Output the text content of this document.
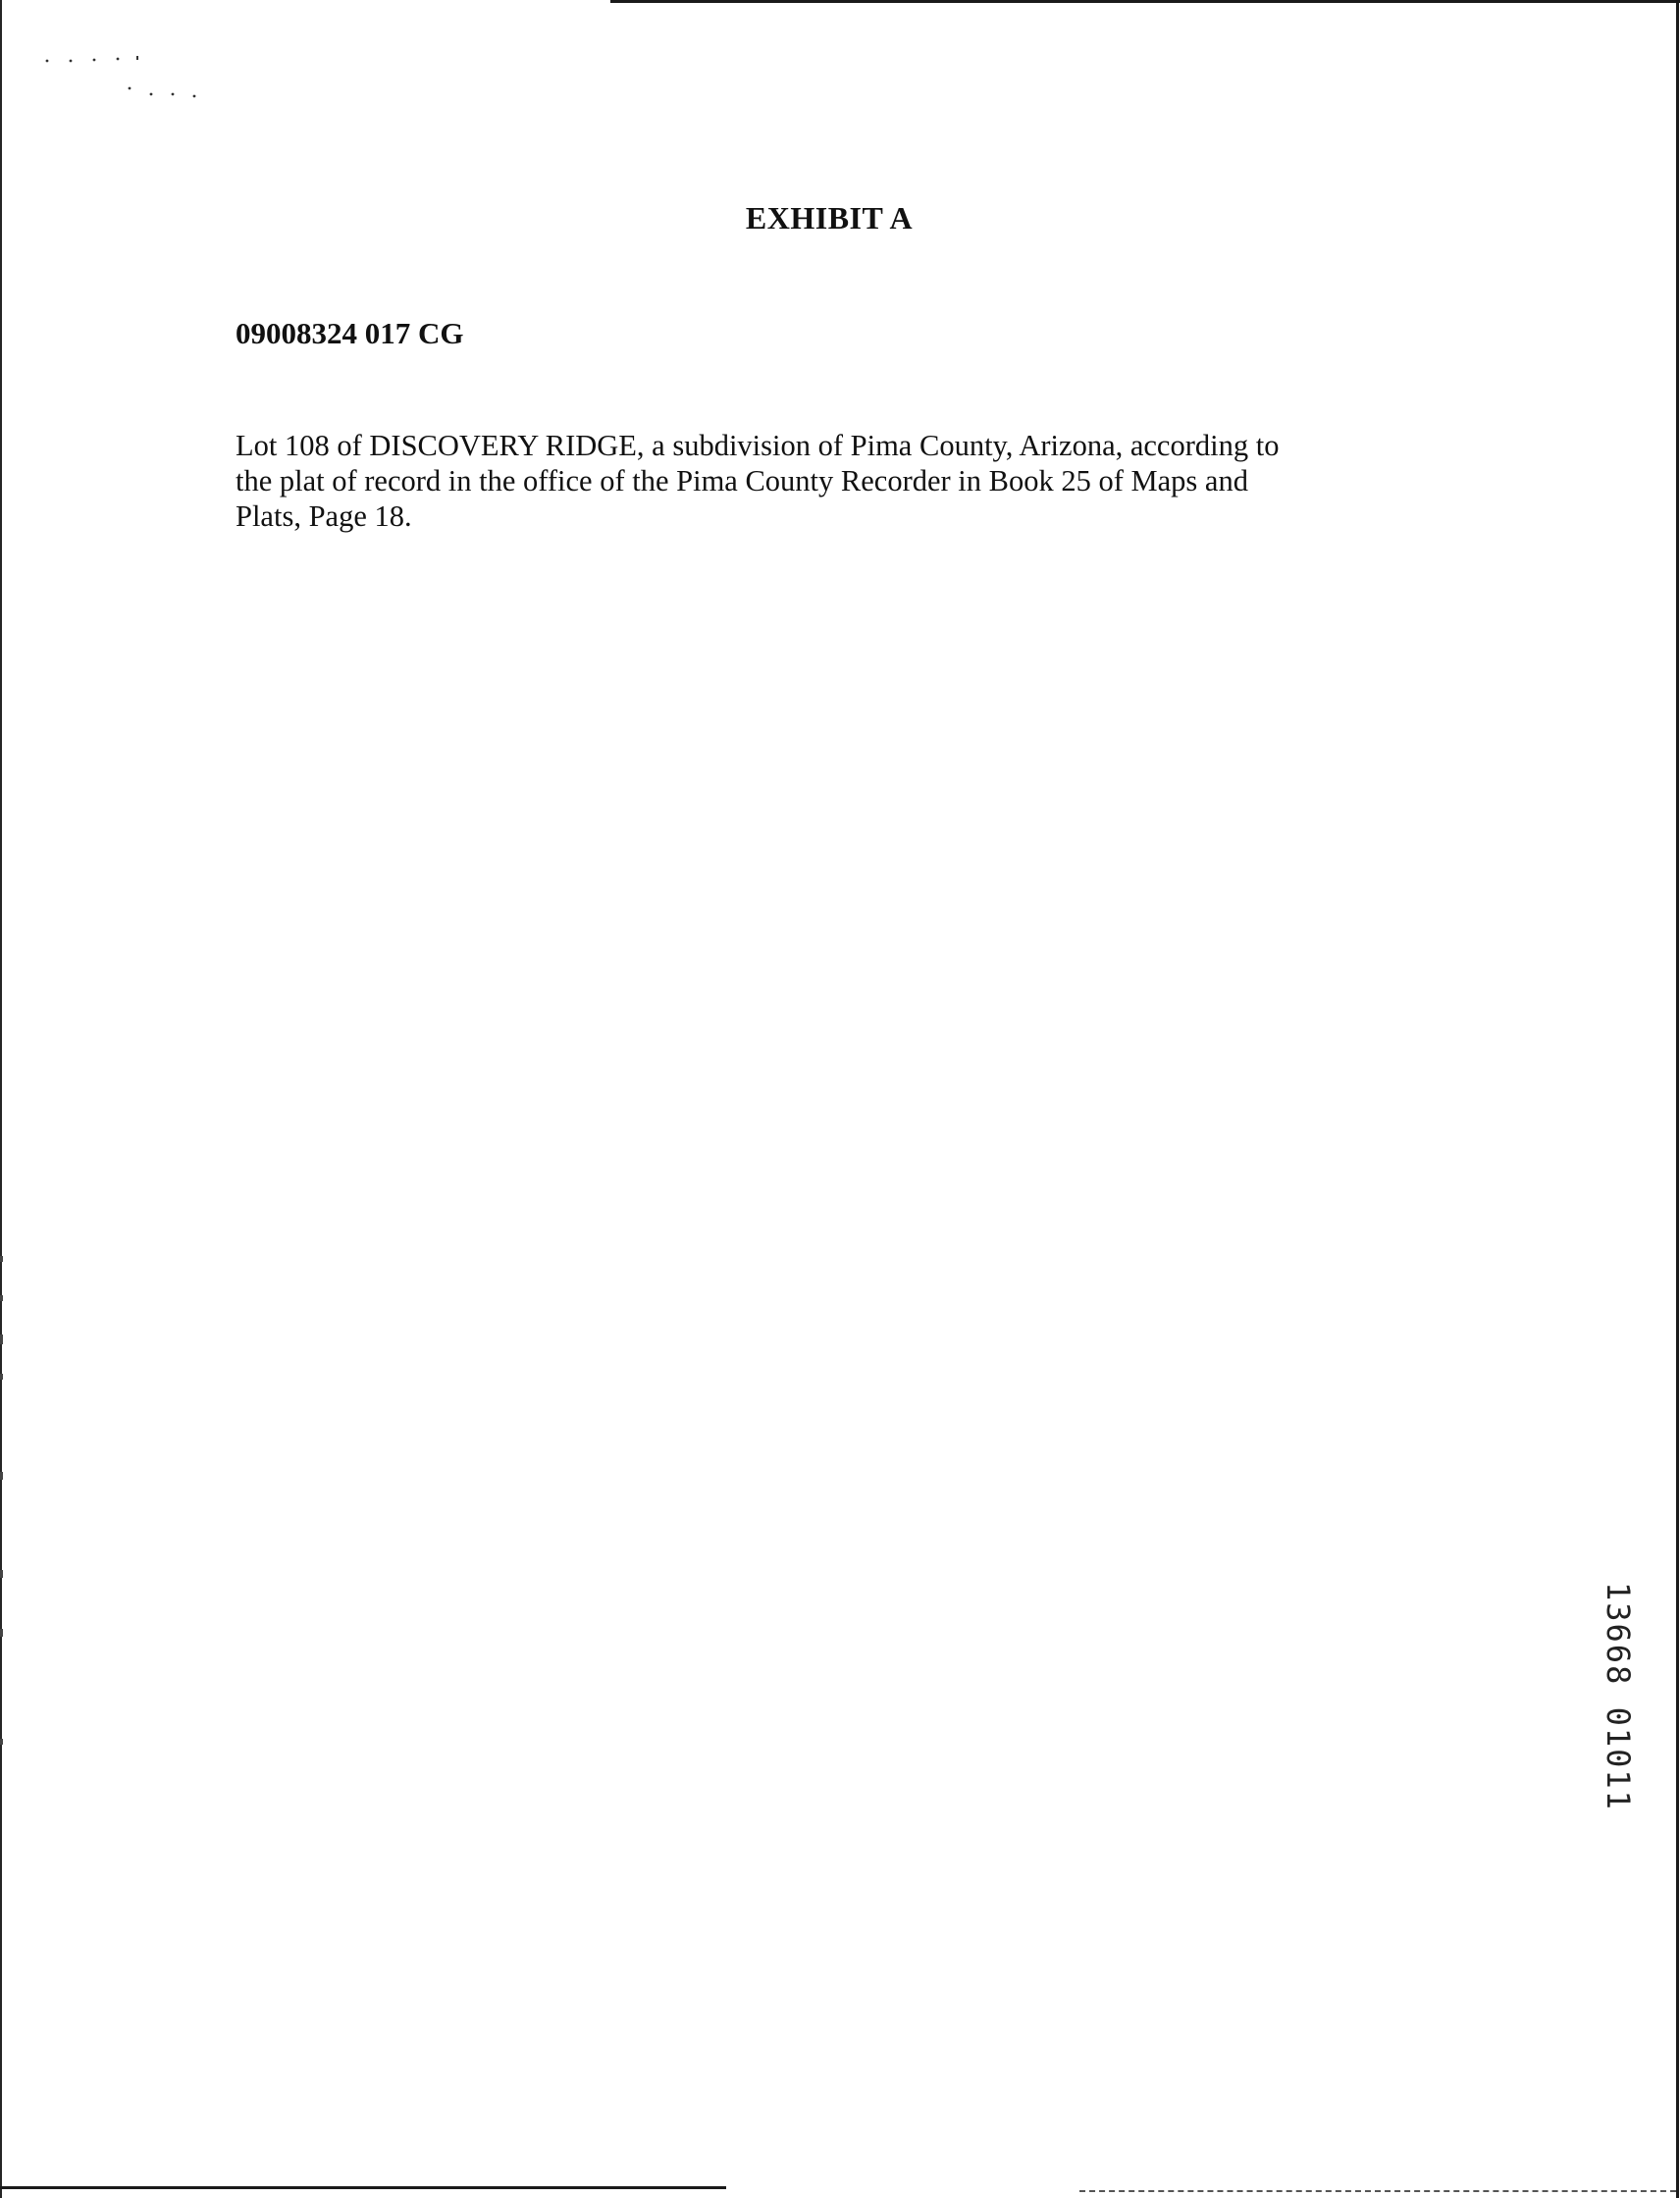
EXHIBIT A
09008324 017 CG
Lot 108 of DISCOVERY RIDGE, a subdivision of Pima County, Arizona, according to
the plat of record in the office of the Pima County Recorder in Book 25 of Maps and
Plats, Page 18.
13668 01011
